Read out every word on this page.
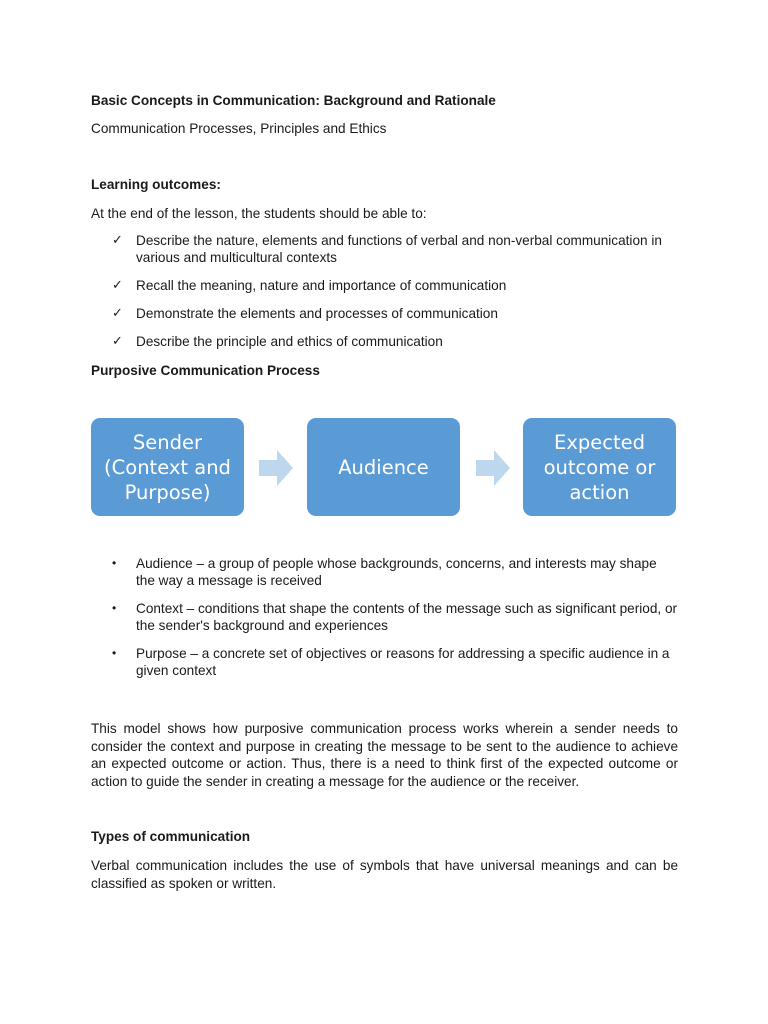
Basic Concepts in Communication: Background and Rationale
Communication Processes, Principles and Ethics
Learning outcomes:
At the end of the lesson, the students should be able to:
✓ Describe the nature, elements and functions of verbal and non-verbal communication in various and multicultural contexts
✓ Recall the meaning, nature and importance of communication
✓ Demonstrate the elements and processes of communication
✓ Describe the principle and ethics of communication
Purposive Communication Process
Sender (Context and Purpose)
Audience
Expected outcome or action
• Audience – a group of people whose backgrounds, concerns, and interests may shape the way a message is received
• Context – conditions that shape the contents of the message such as significant period, or the sender's background and experiences
• Purpose – a concrete set of objectives or reasons for addressing a specific audience in a given context
This model shows how purposive communication process works wherein a sender needs to consider the context and purpose in creating the message to be sent to the audience to achieve an expected outcome or action. Thus, there is a need to think first of the expected outcome or action to guide the sender in creating a message for the audience or the receiver.
Types of communication
Verbal communication includes the use of symbols that have universal meanings and can be classified as spoken or written.
